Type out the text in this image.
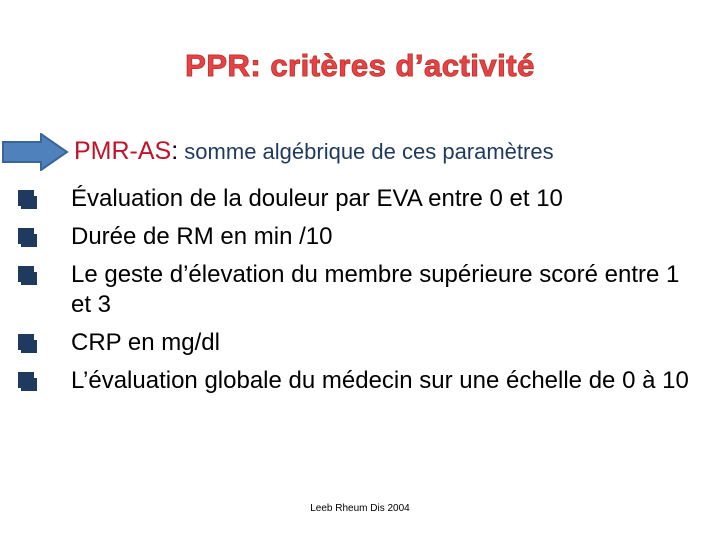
PPR: critères d’activité
PMR-AS: somme algébrique de ces paramètres
Évaluation de la douleur par EVA entre 0 et 10
Durée de RM en min /10
Le geste d’élevation du membre supérieure scoré entre 1 et 3
CRP en mg/dl
L’évaluation globale du médecin sur une échelle de 0 à 10
Leeb Rheum Dis 2004
